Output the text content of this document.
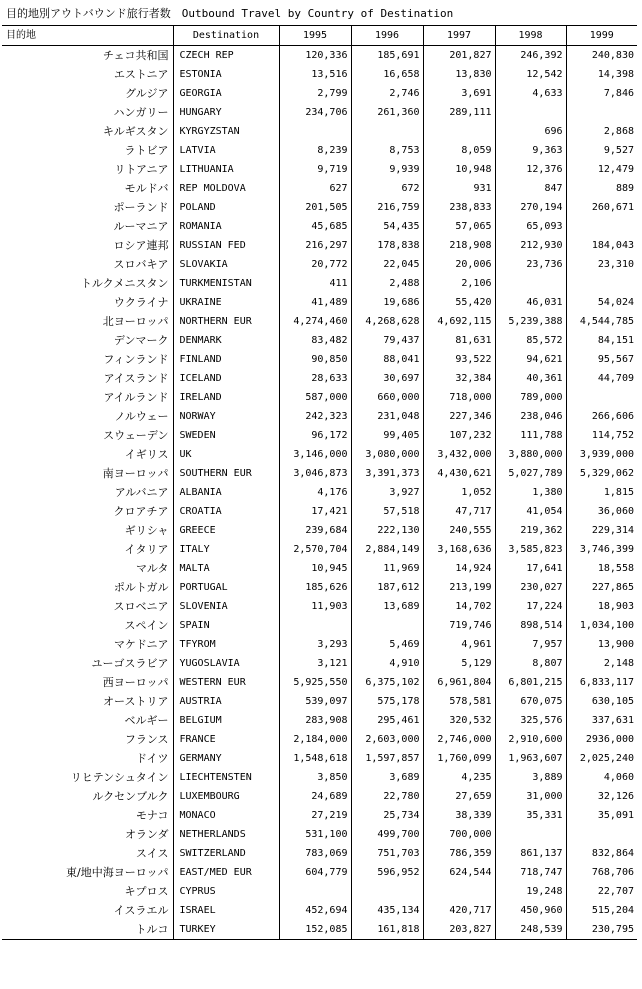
目的地別アウトバウンド旅行者数　Outbound Travel by Country of Destination
目的地	Destination	1995	1996	1997	1998	1999
チェコ共和国	CZECH REP	120,336	185,691	201,827	246,392	240,830
エストニア	ESTONIA	13,516	16,658	13,830	12,542	14,398
グルジア	GEORGIA	2,799	2,746	3,691	4,633	7,846
ハンガリー	HUNGARY	234,706	261,360	289,111		
キルギスタン	KYRGYZSTAN				696	2,868
ラトビア	LATVIA	8,239	8,753	8,059	9,363	9,527
リトアニア	LITHUANIA	9,719	9,939	10,948	12,376	12,479
モルドバ	REP MOLDOVA	627	672	931	847	889
ポーランド	POLAND	201,505	216,759	238,833	270,194	260,671
ルーマニア	ROMANIA	45,685	54,435	57,065	65,093	
ロシア連邦	RUSSIAN FED	216,297	178,838	218,908	212,930	184,043
スロバキア	SLOVAKIA	20,772	22,045	20,006	23,736	23,310
トルクメニスタン	TURKMENISTAN	411	2,488	2,106		
ウクライナ	UKRAINE	41,489	19,686	55,420	46,031	54,024
北ヨーロッパ	NORTHERN EUR	4,274,460	4,268,628	4,692,115	5,239,388	4,544,785
デンマーク	DENMARK	83,482	79,437	81,631	85,572	84,151
フィンランド	FINLAND	90,850	88,041	93,522	94,621	95,567
アイスランド	ICELAND	28,633	30,697	32,384	40,361	44,709
アイルランド	IRELAND	587,000	660,000	718,000	789,000	
ノルウェー	NORWAY	242,323	231,048	227,346	238,046	266,606
スウェーデン	SWEDEN	96,172	99,405	107,232	111,788	114,752
イギリス	UK	3,146,000	3,080,000	3,432,000	3,880,000	3,939,000
南ヨーロッパ	SOUTHERN EUR	3,046,873	3,391,373	4,430,621	5,027,789	5,329,062
アルバニア	ALBANIA	4,176	3,927	1,052	1,380	1,815
クロアチア	CROATIA	17,421	57,518	47,717	41,054	36,060
ギリシャ	GREECE	239,684	222,130	240,555	219,362	229,314
イタリア	ITALY	2,570,704	2,884,149	3,168,636	3,585,823	3,746,399
マルタ	MALTA	10,945	11,969	14,924	17,641	18,558
ポルトガル	PORTUGAL	185,626	187,612	213,199	230,027	227,865
スロベニア	SLOVENIA	11,903	13,689	14,702	17,224	18,903
スペイン	SPAIN			719,746	898,514	1,034,100
マケドニア	TFYROM	3,293	5,469	4,961	7,957	13,900
ユーゴスラビア	YUGOSLAVIA	3,121	4,910	5,129	8,807	2,148
西ヨーロッパ	WESTERN EUR	5,925,550	6,375,102	6,961,804	6,801,215	6,833,117
オーストリア	AUSTRIA	539,097	575,178	578,581	670,075	630,105
ベルギー	BELGIUM	283,908	295,461	320,532	325,576	337,631
フランス	FRANCE	2,184,000	2,603,000	2,746,000	2,910,600	2936,000
ドイツ	GERMANY	1,548,618	1,597,857	1,760,099	1,963,607	2,025,240
リヒテンシュタイン	LIECHTENSTEN	3,850	3,689	4,235	3,889	4,060
ルクセンブルク	LUXEMBOURG	24,689	22,780	27,659	31,000	32,126
モナコ	MONACO	27,219	25,734	38,339	35,331	35,091
オランダ	NETHERLANDS	531,100	499,700	700,000		
スイス	SWITZERLAND	783,069	751,703	786,359	861,137	832,864
東/地中海ヨーロッパ	EAST/MED EUR	604,779	596,952	624,544	718,747	768,706
キプロス	CYPRUS				19,248	22,707
イスラエル	ISRAEL	452,694	435,134	420,717	450,960	515,204
トルコ	TURKEY	152,085	161,818	203,827	248,539	230,795
